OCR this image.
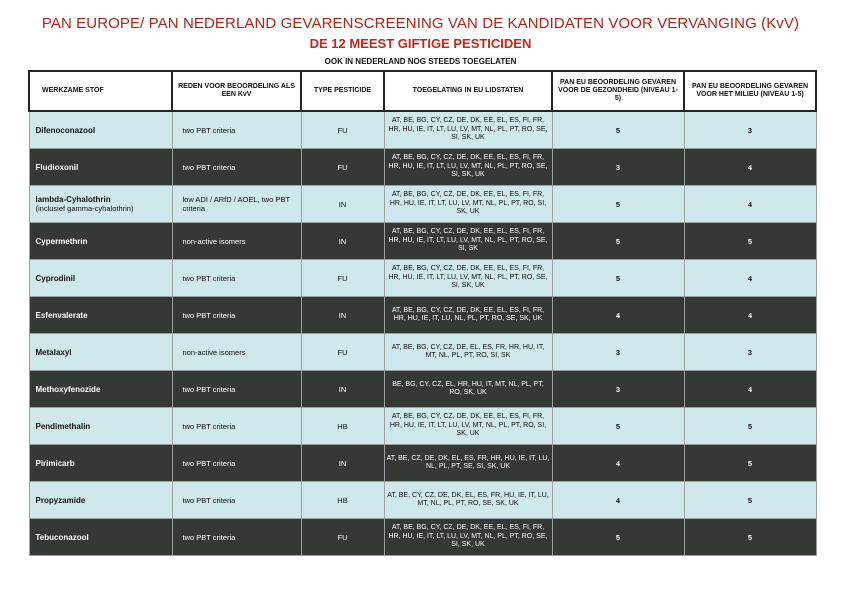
PAN EUROPE/ PAN NEDERLAND GEVARENSCREENING VAN DE KANDIDATEN VOOR VERVANGING (KvV)
DE 12 MEEST GIFTIGE PESTICIDEN
OOK IN NEDERLAND NOG STEEDS TOEGELATEN
WERKZAME STOF	REDEN VOOR BEOORDELING ALS EEN KvV	TYPE PESTICIDE	TOEGELATING IN EU LIDSTATEN	PAN EU BEOORDELING GEVAREN VOOR DE GEZONDHEID (NIVEAU 1-5)	PAN EU BEOORDELING GEVAREN VOOR HET MILIEU (NIVEAU 1-5)
Difenoconazool	two PBT criteria	FU	AT, BE, BG, CY, CZ, DE, DK, EE, EL, ES, FI, FR, HR, HU, IE, IT, LT, LU, LV, MT, NL, PL, PT, RO, SE, SI, SK, UK	5	3
Fludioxonil	two PBT criteria	FU	AT, BE, BG, CY, CZ, DE, DK, EE, EL, ES, FI, FR, HR, HU, IE, IT, LT, LU, LV, MT, NL, PL, PT, RO, SE, SI, SK, UK	3	4
lambda-Cyhalothrin
(inclusief gamma-cyhalothrin)	low ADI / ARfD / AOEL, two PBT criteria	IN	AT, BE, BG, CY, CZ, DE, DK, EE, EL, ES, FI, FR, HR, HU, IE, IT, LT, LU, LV, MT, NL, PL, PT, RO, SI, SK, UK	5	4
Cypermethrin	non-active isomers	IN	AT, BE, BG, CY, CZ, DE, DK, EE, EL, ES, FI, FR, HR, HU, IE, IT, LT, LU, LV, MT, NL, PL, PT, RO, SE, SI, SK	5	5
Cyprodinil	two PBT criteria	FU	AT, BE, BG, CY, CZ, DE, DK, EE, EL, ES, FI, FR, HR, HU, IE, IT, LT, LU, LV, MT, NL, PL, PT, RO, SE, SI, SK, UK	5	4
Esfenvalerate	two PBT criteria	IN	AT, BE, BG, CY, CZ, DE, DK, EE, EL, ES, FI, FR, HR, HU, IE, IT, LU, NL, PL, PT, RO, SE, SK, UK	4	4
Metalaxyl	non-active isomers	FU	AT, BE, BG, CY, CZ, DE, EL, ES, FR, HR, HU, IT, MT, NL, PL, PT, RO, SI, SK	3	3
Methoxyfenozide	two PBT criteria	IN	BE, BG, CY, CZ, EL, HR, HU, IT, MT, NL, PL, PT, RO, SK, UK	3	4
Pendimethalin	two PBT criteria	HB	AT, BE, BG, CY, CZ, DE, DK, EE, EL, ES, FI, FR, HR, HU, IE, IT, LT, LU, LV, MT, NL, PL, PT, RO, SI, SK, UK	5	5
Pirimicarb	two PBT criteria	IN	AT, BE, CZ, DE, DK, EL, ES, FR, HR, HU, IE, IT, LU, NL, PL, PT, SE, SI, SK, UK	4	5
Propyzamide	two PBT criteria	HB	AT, BE, CY, CZ, DE, DK, EL, ES, FR, HU, IE, IT, LU, MT, NL, PL, PT, RO, SE, SK, UK	4	5
Tebuconazool	two PBT criteria	FU	AT, BE, BG, CY, CZ, DE, DK, EE, EL, ES, FI, FR, HR, HU, IE, IT, LT, LU, LV, MT, NL, PL, PT, RO, SE, SI, SK, UK	5	5
